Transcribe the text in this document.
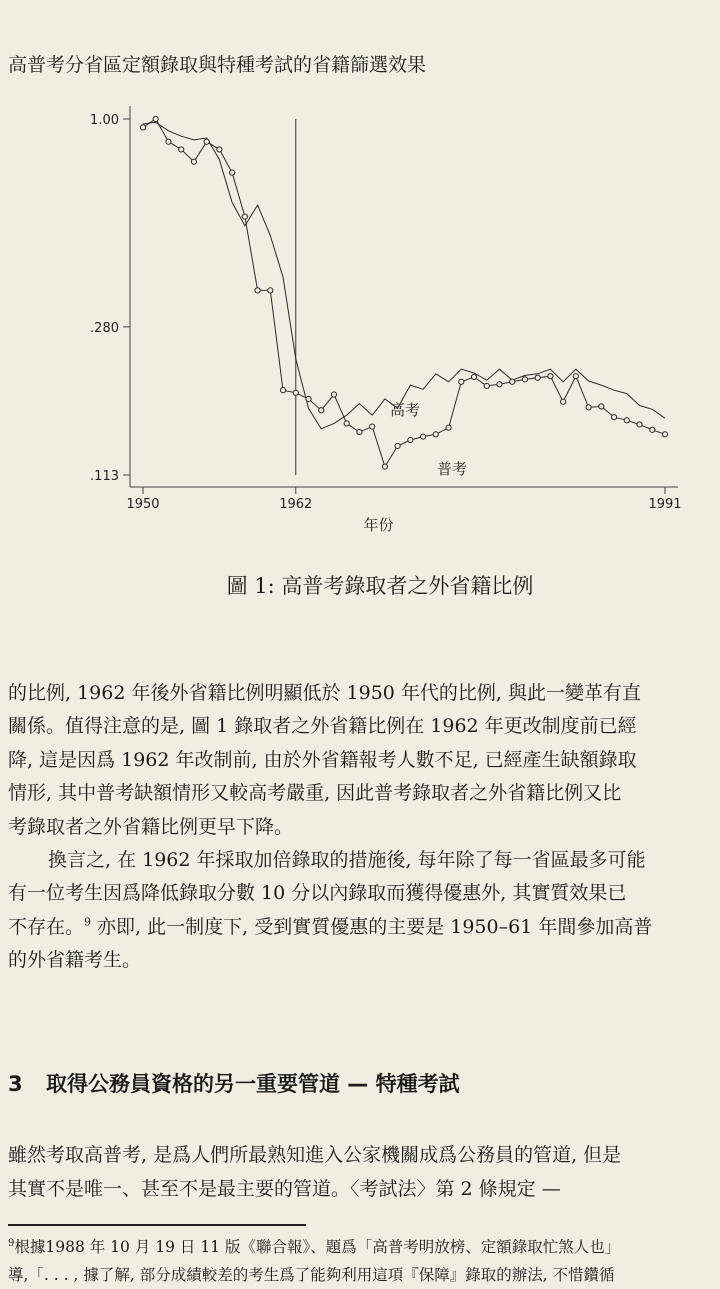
高普考分省區定額錄取與特種考試的省籍篩選效果
1.00
.280
.113
1950	1962	1991
年份
高考
普考
圖 1: 高普考錄取者之外省籍比例
的比例, 1962 年後外省籍比例明顯低於 1950 年代的比例, 與此一變革有直
關係。值得注意的是, 圖 1 錄取者之外省籍比例在 1962 年更改制度前已經
降, 這是因爲 1962 年改制前, 由於外省籍報考人數不足, 已經產生缺額錄取
情形, 其中普考缺額情形又較高考嚴重, 因此普考錄取者之外省籍比例又比
考錄取者之外省籍比例更早下降。
換言之, 在 1962 年採取加倍錄取的措施後, 每年除了每一省區最多可能
有一位考生因爲降低錄取分數 10 分以內錄取而獲得優惠外, 其實質效果已
不存在。$^9$ 亦即, 此一制度下, 受到實質優惠的主要是 1950–61 年間參加高普
的外省籍考生。
3 取得公務員資格的另一重要管道 — 特種考試
雖然考取高普考, 是爲人們所最熟知進入公家機關成爲公務員的管道, 但是
其實不是唯一、甚至不是最主要的管道。〈考試法〉第 2 條規定 —
$^9$根據1988 年 10 月 19 日 11 版《聯合報》、題爲「高普考明放榜、定額錄取忙煞人也」
導,「. . . , 據了解, 部分成績較差的考生爲了能夠利用這項『保障』錄取的辦法, 不惜鑽循
